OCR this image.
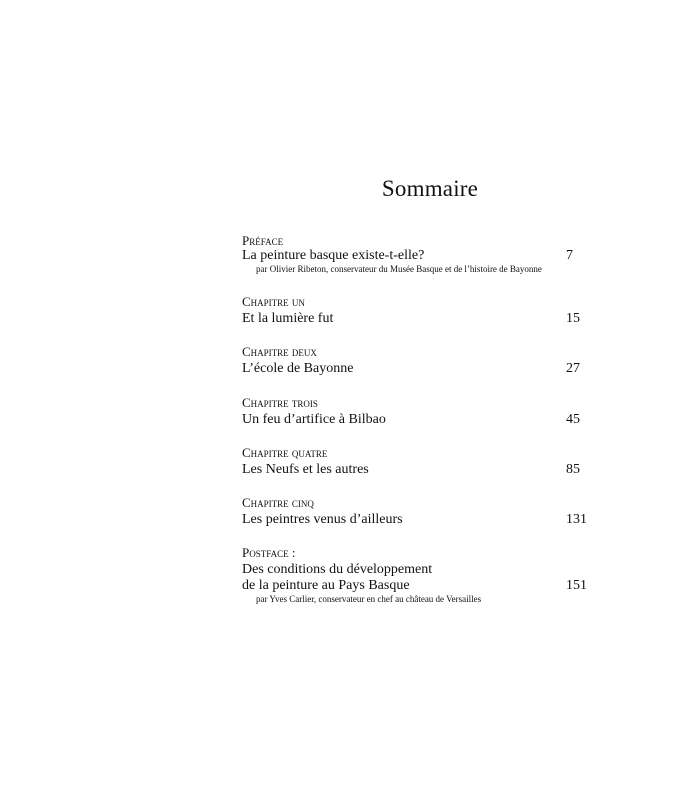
Sommaire
Préface
La peinture basque existe-t-elle?	7
par Olivier Ribeton, conservateur du Musée Basque et de l’histoire de Bayonne
Chapitre un
Et la lumière fut	15
Chapitre deux
L’école de Bayonne	27
Chapitre trois
Un feu d’artifice à Bilbao	45
Chapitre quatre
Les Neufs et les autres	85
Chapitre cinq
Les peintres venus d’ailleurs	131
Postface :
Des conditions du développement
de la peinture au Pays Basque	151
par Yves Carlier, conservateur en chef au château de Versailles
